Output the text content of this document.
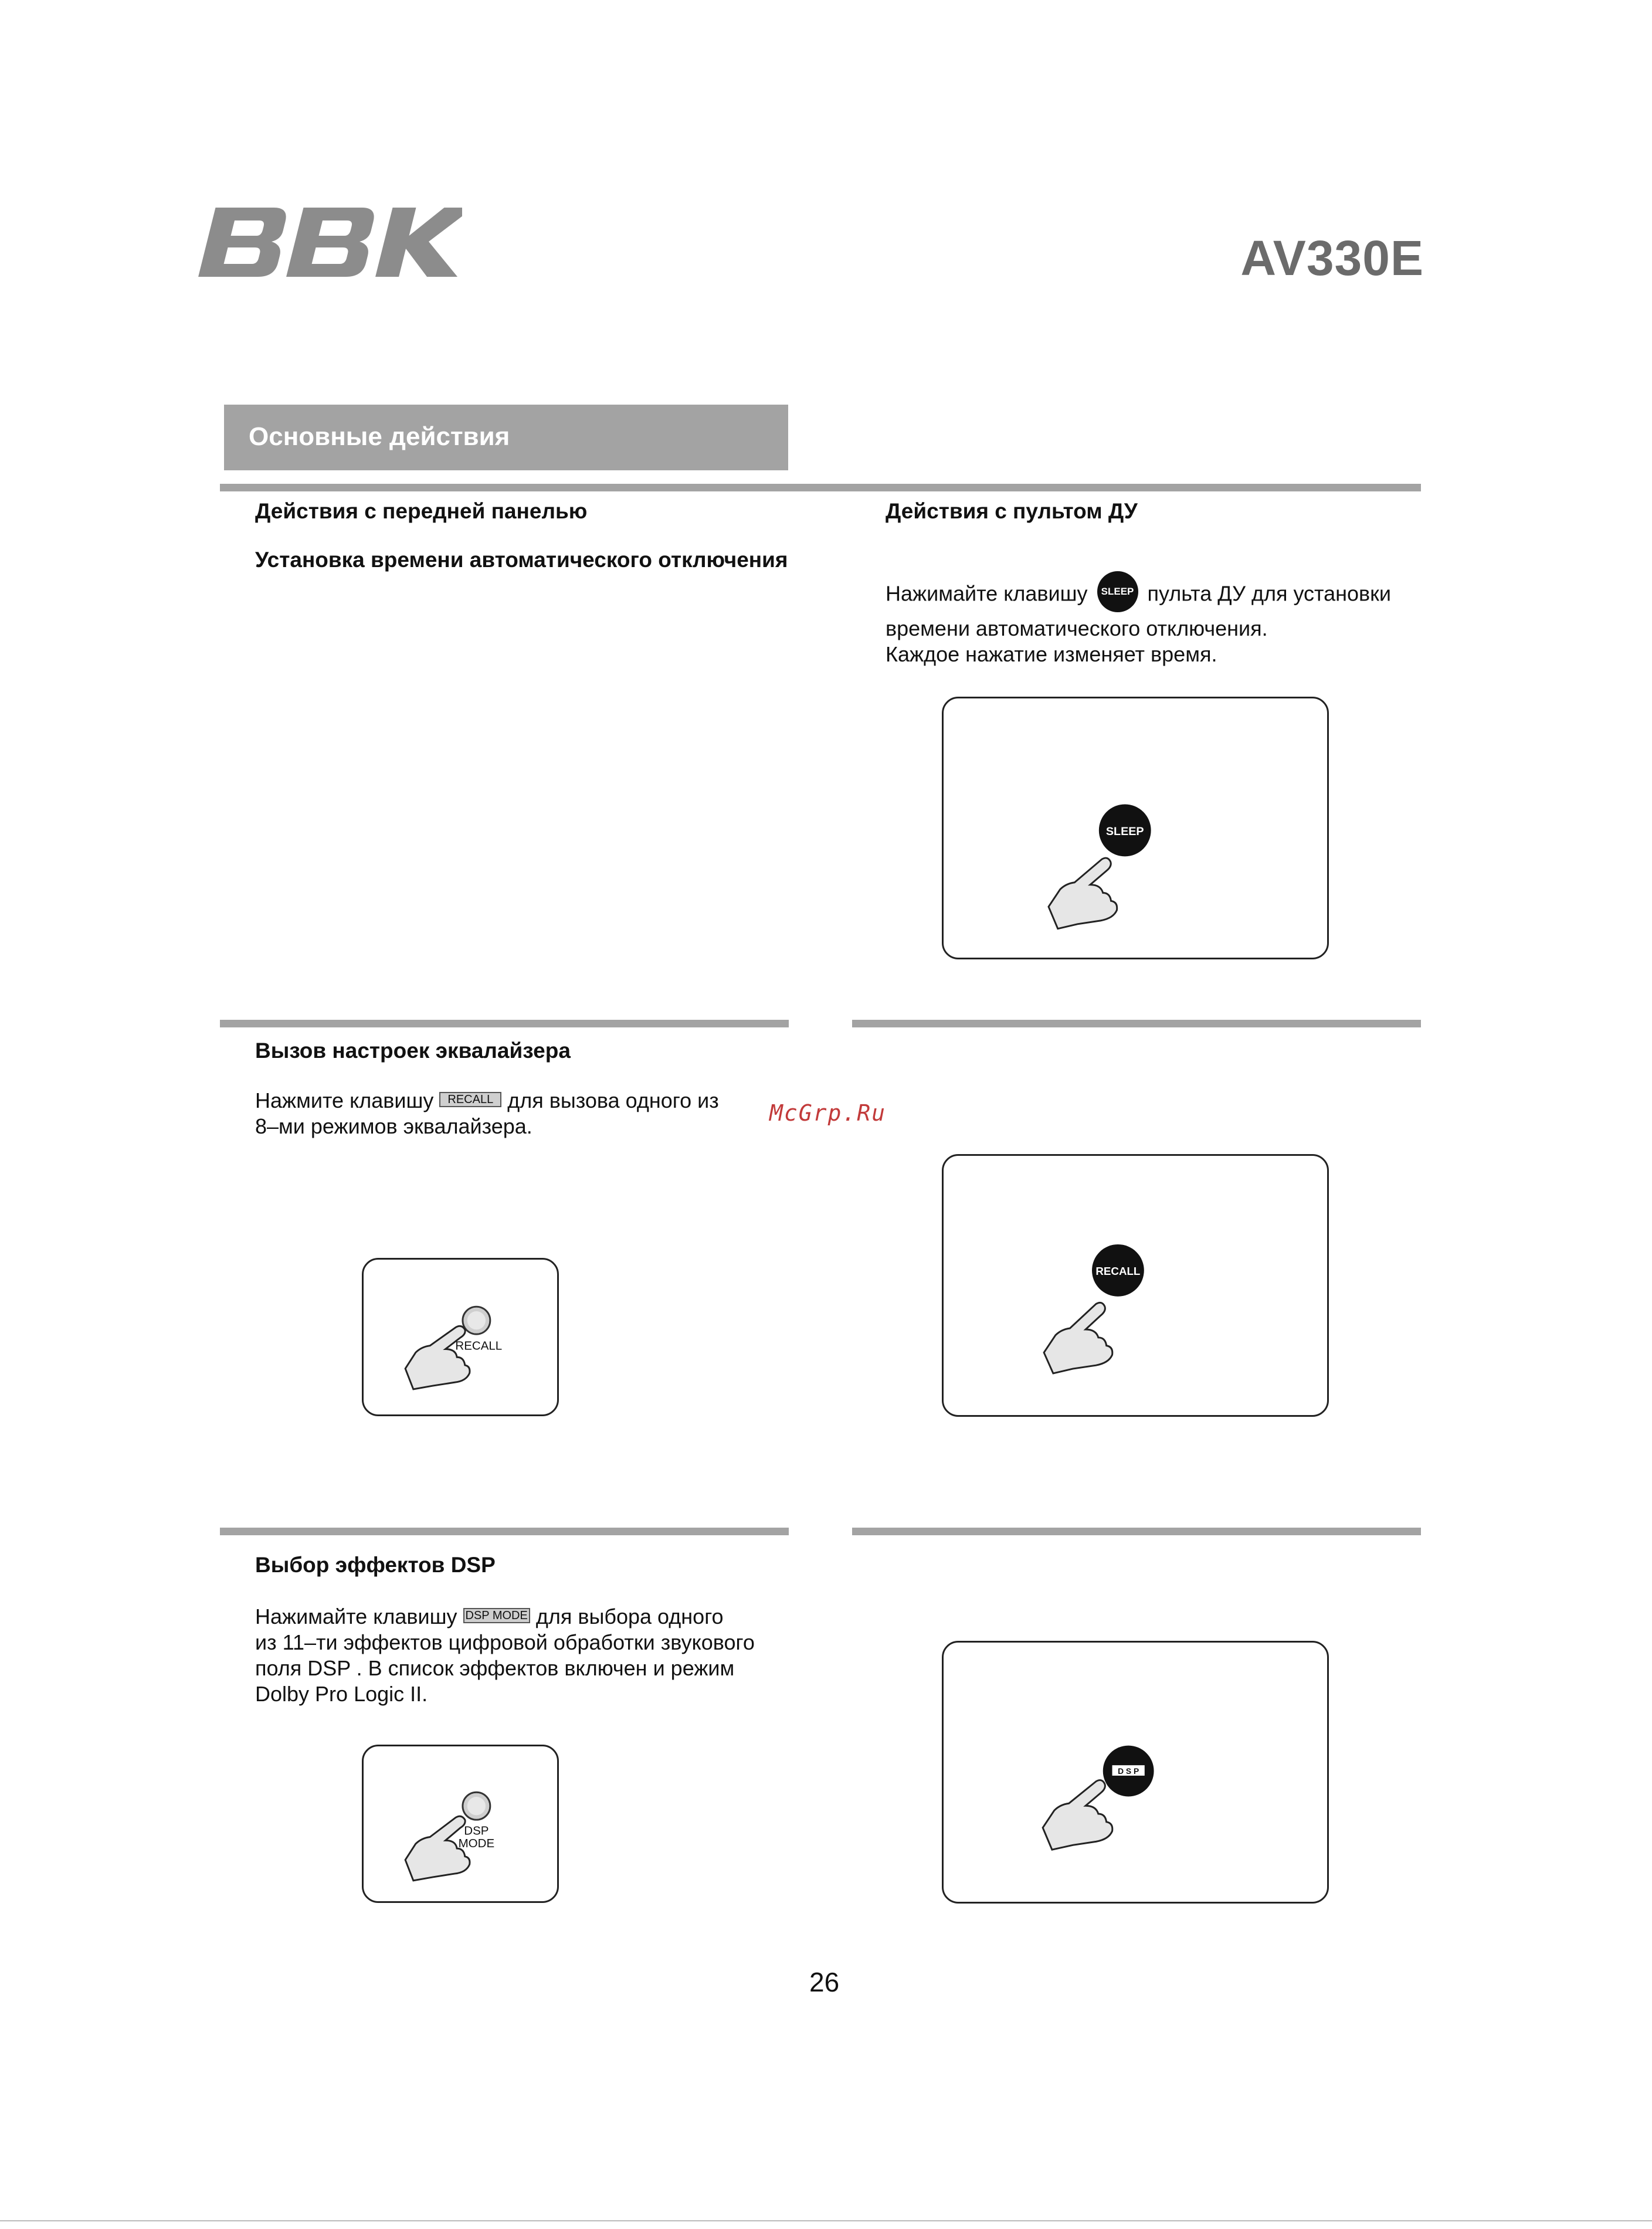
AV330E
Основные действия
Действия с передней панелью
Установка времени автоматического отключения
Действия с пультом ДУ
Нажимайте клавишу SLEEP пульта ДУ для установки
времени автоматического отключения.
Каждое нажатие изменяет время.
SLEEP
Вызов настроек эквалайзера
Нажмите клавишу RECALL для вызова одного из
8–ми режимов эквалайзера.
McGrp.Ru
RECALL
RECALL
Выбор эффектов DSP
Нажимайте клавишу DSP MODE для выбора одного
из 11–ти эффектов цифровой обработки звукового
поля DSP . В список эффектов включен и режим
Dolby Pro Logic II.
DSP
MODE
D S P
26
